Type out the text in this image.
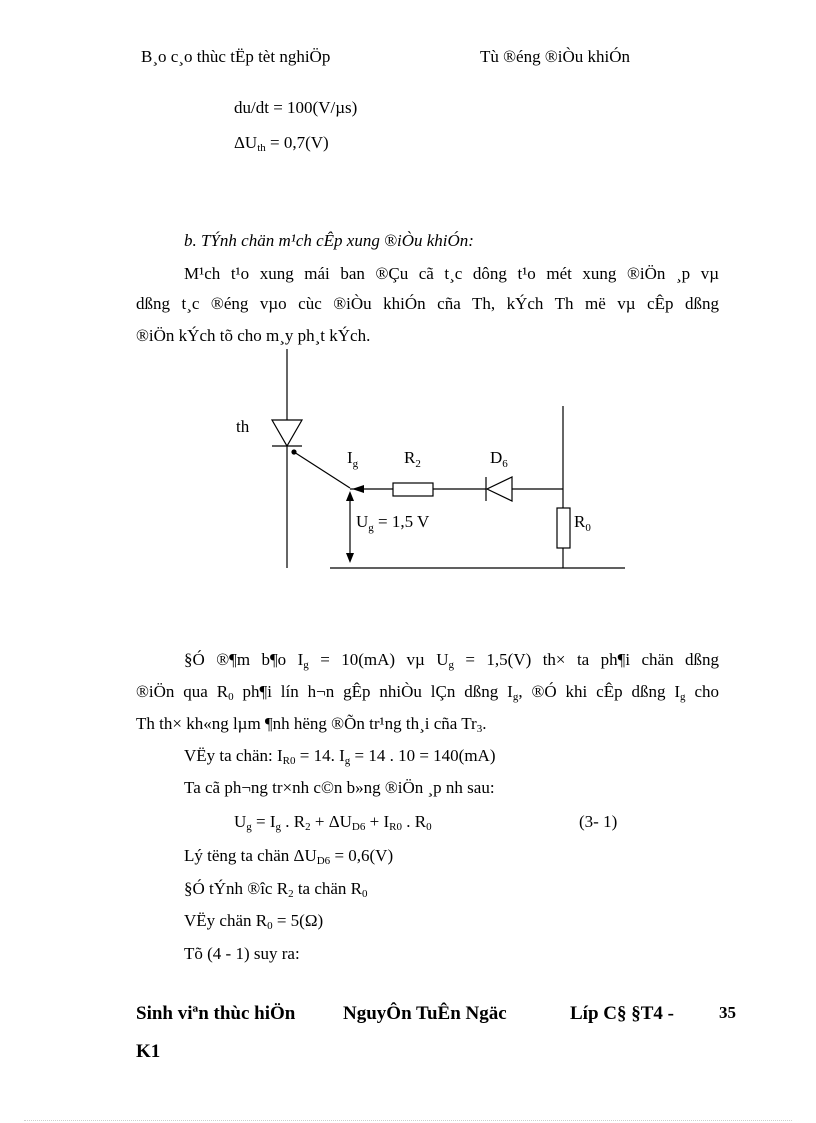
B¸o c¸o thùc tËp tèt nghiÖp	Tù ®éng ®iÒu khiÓn
du/dt = 100(V/µs)
$\Delta U_{th} = 0,7(V)$
b. TÝnh chän m¹ch cÊp xung ®iÒu khiÓn:
M¹ch t¹o xung mái ban ®Çu cã t¸c dông t¹o mét xung ®iÖn ¸p vµ
dßng t¸c ®éng vµo cùc ®iÒu khiÓn cña Th, kÝch Th më vµ cÊp dßng
®iÖn kÝch tõ cho m¸y ph¸t kÝch.
th
$I_g$	$R_2$	$D_6$
$U_g = 1,5$ V	$R_0$
§Ó ®¶m b¶o $I_g = 10(mA)$ vµ $U_g = 1,5(V)$ th× ta ph¶i chän dßng
®iÖn qua $R_0$ ph¶i lín h¬n gÊp nhiÒu lÇn dßng $I_g$, ®Ó khi cÊp dßng $I_g$ cho
Th th× kh«ng lµm ¶nh hëng ®Õn tr¹ng th¸i cña $Tr_3$.
VËy ta chän: $I_{R0} = 14$. $I_g = 14$ . 10 = 140(mA)
Ta cã ph¬ng tr×nh c©n b»ng ®iÖn ¸p nh sau:
$U_g = I_g$ . $R_2 + \Delta U_{D6} + I_{R0}$ . $R_0$	(3- 1)
Lý tëng ta chän $\Delta U_{D6} = 0,6(V)$
§Ó tÝnh ®îc $R_2$ ta chän $R_0$
VËy chän $R_0 = 5(\Omega)$
Tõ (4 - 1) suy ra:
Sinh viªn thùc hiÖn	NguyÔn TuÊn Ngäc	Líp C§ §T4 -	35
K1
